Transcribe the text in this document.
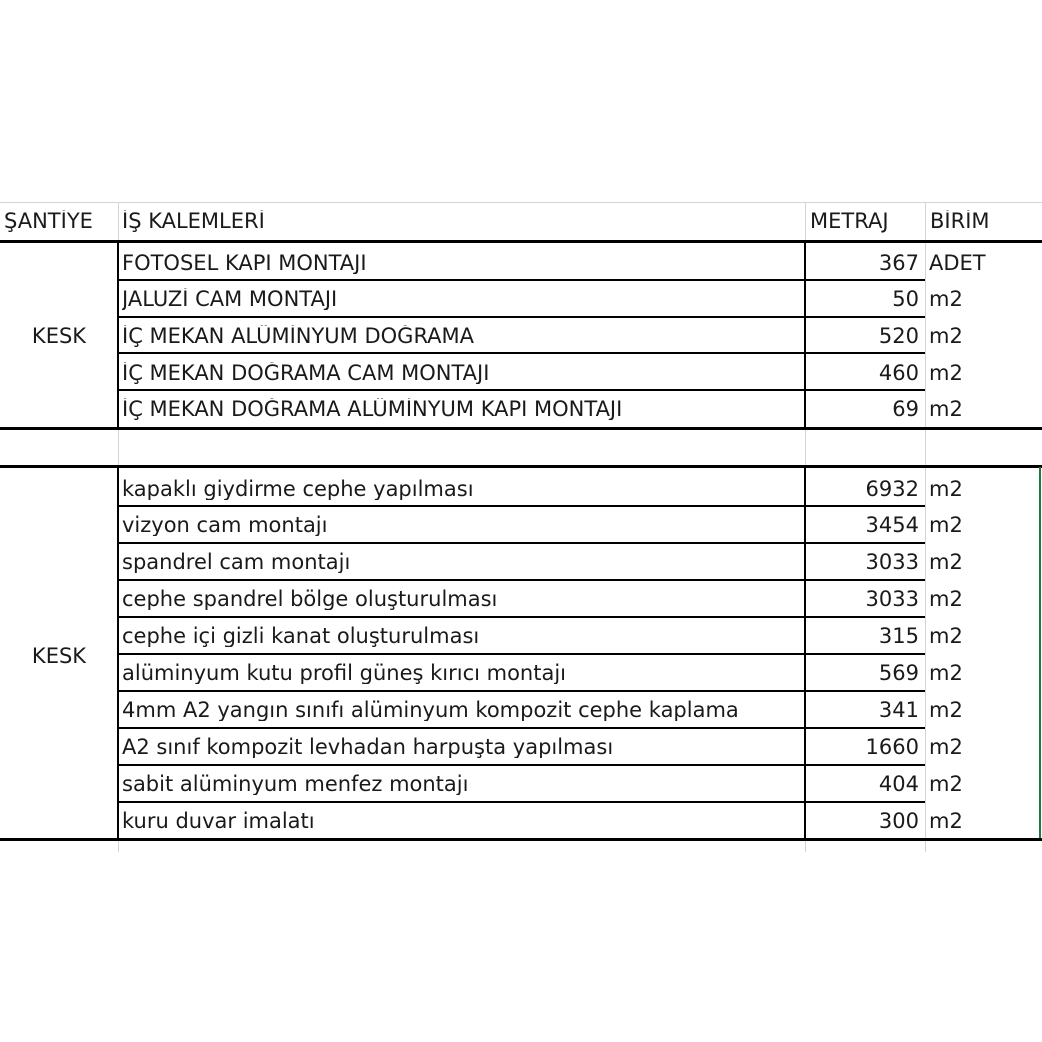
ŞANTİYE	İŞ KALEMLERİ	METRAJ	BİRİM
KESK
FOTOSEL KAPI MONTAJI	367 ADET
JALUZİ CAM MONTAJI	50 m2
İÇ MEKAN ALÜMİNYUM DOĞRAMA	520 m2
İÇ MEKAN DOĞRAMA CAM MONTAJI	460 m2
İÇ MEKAN DOĞRAMA ALÜMİNYUM KAPI MONTAJI	69 m2
KESK
kapaklı giydirme cephe yapılması	6932 m2
vizyon cam montajı	3454 m2
spandrel cam montajı	3033 m2
cephe spandrel bölge oluşturulması	3033 m2
cephe içi gizli kanat oluşturulması	315 m2
alüminyum kutu profil güneş kırıcı montajı	569 m2
4mm A2 yangın sınıfı alüminyum kompozit cephe kaplama	341 m2
A2 sınıf kompozit levhadan harpuşta yapılması	1660 m2
sabit alüminyum menfez montajı	404 m2
kuru duvar imalatı	300 m2
